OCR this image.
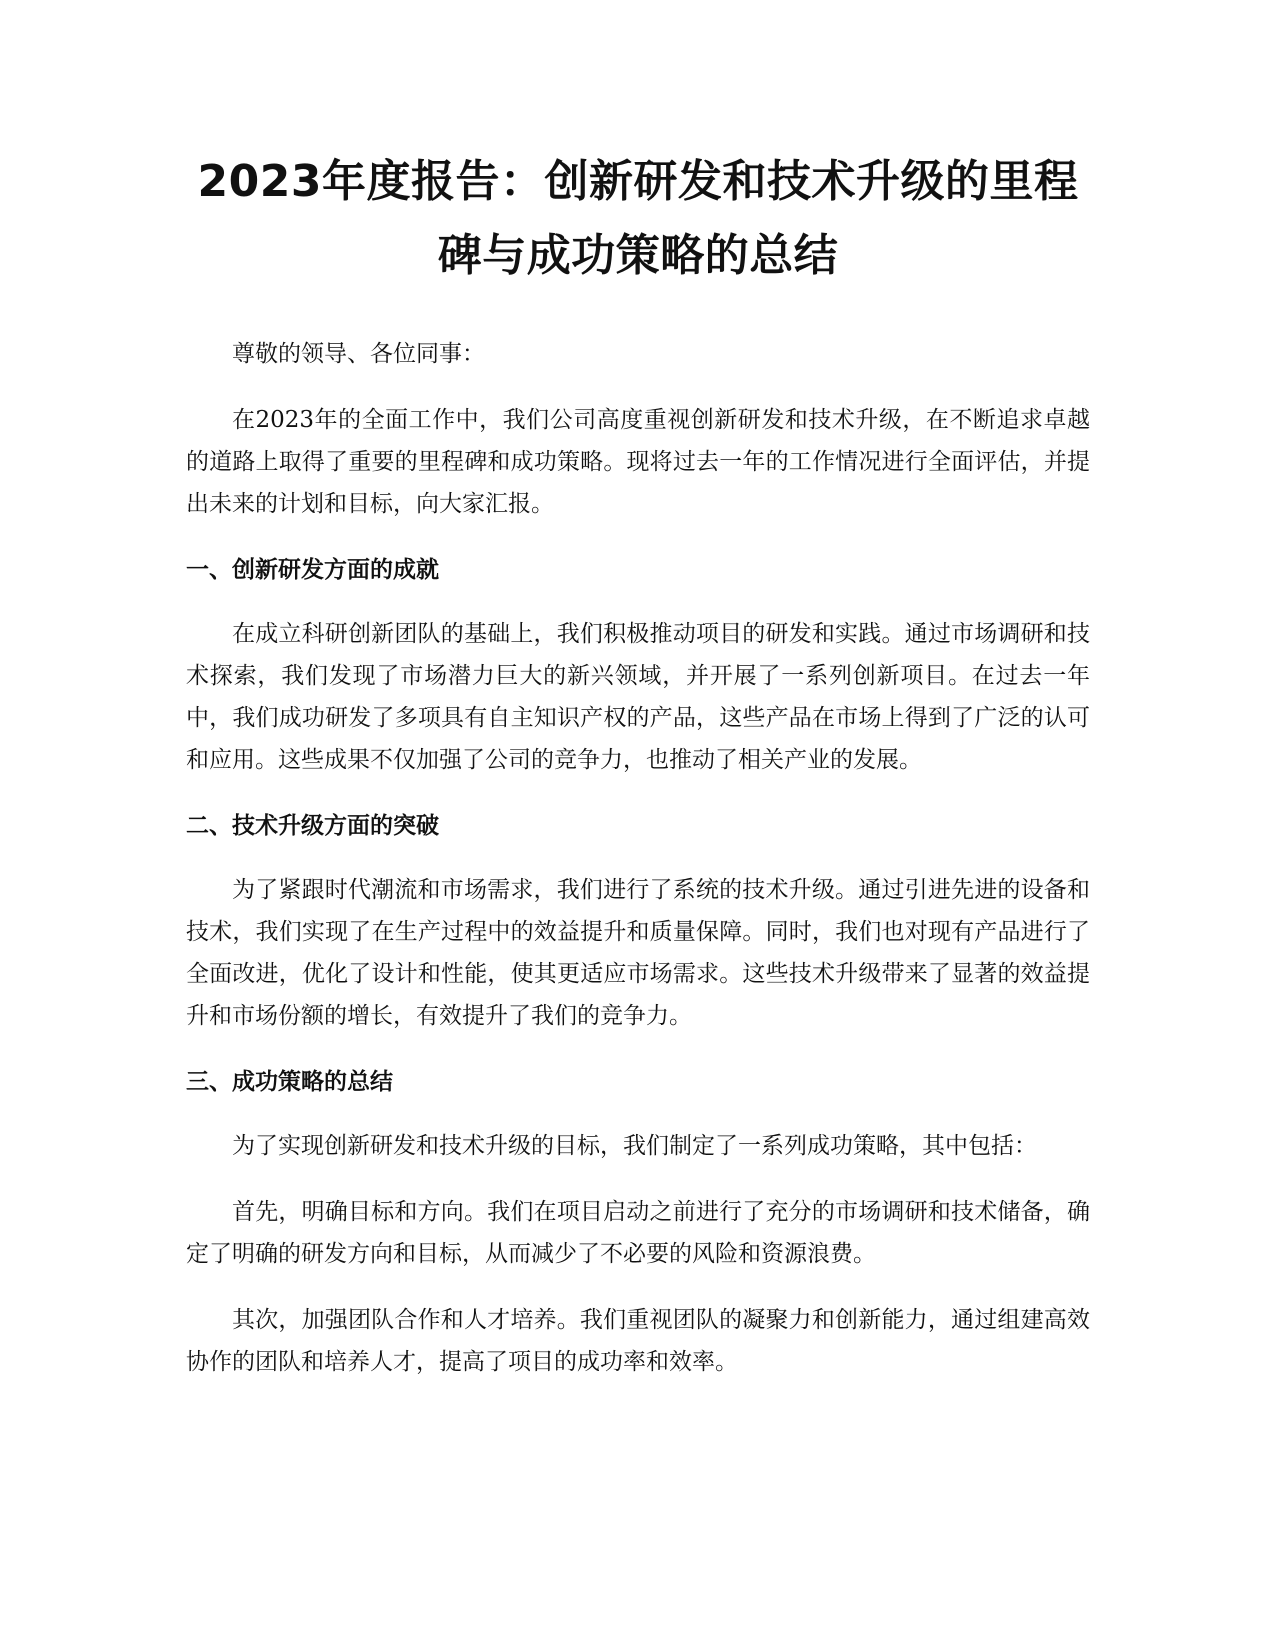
2023年度报告：创新研发和技术升级的里程碑与成功策略的总结

尊敬的领导、各位同事：

在2023年的全面工作中，我们公司高度重视创新研发和技术升级，在不断追求卓越的道路上取得了重要的里程碑和成功策略。现将过去一年的工作情况进行全面评估，并提出未来的计划和目标，向大家汇报。

一、创新研发方面的成就

在成立科研创新团队的基础上，我们积极推动项目的研发和实践。通过市场调研和技术探索，我们发现了市场潜力巨大的新兴领域，并开展了一系列创新项目。在过去一年中，我们成功研发了多项具有自主知识产权的产品，这些产品在市场上得到了广泛的认可和应用。这些成果不仅加强了公司的竞争力，也推动了相关产业的发展。

二、技术升级方面的突破

为了紧跟时代潮流和市场需求，我们进行了系统的技术升级。通过引进先进的设备和技术，我们实现了在生产过程中的效益提升和质量保障。同时，我们也对现有产品进行了全面改进，优化了设计和性能，使其更适应市场需求。这些技术升级带来了显著的效益提升和市场份额的增长，有效提升了我们的竞争力。

三、成功策略的总结

为了实现创新研发和技术升级的目标，我们制定了一系列成功策略，其中包括：

首先，明确目标和方向。我们在项目启动之前进行了充分的市场调研和技术储备，确定了明确的研发方向和目标，从而减少了不必要的风险和资源浪费。

其次，加强团队合作和人才培养。我们重视团队的凝聚力和创新能力，通过组建高效协作的团队和培养人才，提高了项目的成功率和效率。
